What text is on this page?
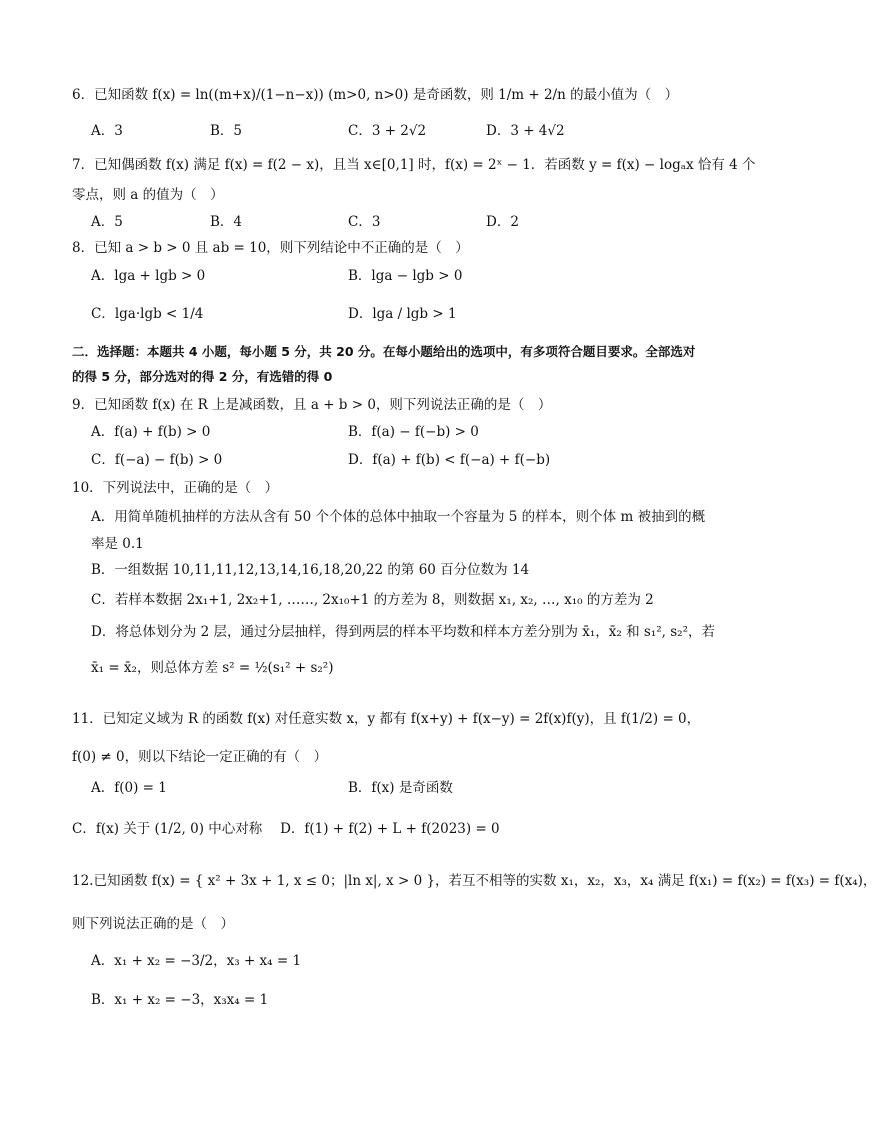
6．已知函数 f(x) = ln((m+x)/(1−n−x)) (m>0, n>0) 是奇函数，则 1/m + 2/n 的最小值为（　）
A．3	B．5	C．3 + 2√2	D．3 + 4√2
7．已知偶函数 f(x) 满足 f(x) = f(2 − x)，且当 x∈[0,1] 时，f(x) = 2ˣ − 1．若函数 y = f(x) − logₐx 恰有 4 个
零点，则 a 的值为（　）
A．5	B．4	C．3	D．2
8．已知 a > b > 0 且 ab = 10，则下列结论中不正确的是（　）
A．lga + lgb > 0	B．lga − lgb > 0
C．lga·lgb < 1/4	D．lga / lgb > 1
二．选择题：本题共 4 小题，每小题 5 分，共 20 分。在每小题给出的选项中，有多项符合题目要求。全部选对
的得 5 分，部分选对的得 2 分，有选错的得 0
9．已知函数 f(x) 在 R 上是减函数，且 a + b > 0，则下列说法正确的是（　）
A．f(a) + f(b) > 0	B．f(a) − f(−b) > 0
C．f(−a) − f(b) > 0	D．f(a) + f(b) < f(−a) + f(−b)
10．下列说法中，正确的是（　）
A．用简单随机抽样的方法从含有 50 个个体的总体中抽取一个容量为 5 的样本，则个体 m 被抽到的概
率是 0.1
B．一组数据 10,11,11,12,13,14,16,18,20,22 的第 60 百分位数为 14
C．若样本数据 2x₁+1, 2x₂+1, ……, 2x₁₀+1 的方差为 8，则数据 x₁, x₂, …, x₁₀ 的方差为 2
D．将总体划分为 2 层，通过分层抽样，得到两层的样本平均数和样本方差分别为 x̄₁，x̄₂ 和 s₁², s₂²，若
x̄₁ = x̄₂，则总体方差 s² = ½(s₁² + s₂²)
11．已知定义域为 R 的函数 f(x) 对任意实数 x，y 都有 f(x+y) + f(x−y) = 2f(x)f(y)，且 f(1/2) = 0，
f(0) ≠ 0，则以下结论一定正确的有（　）
A．f(0) = 1	B．f(x) 是奇函数
C．f(x) 关于 (1/2, 0) 中心对称　 D．f(1) + f(2) + L + f(2023) = 0
12.已知函数 f(x) = { x² + 3x + 1, x ≤ 0；|ln x|, x > 0 }，若互不相等的实数 x₁，x₂，x₃，x₄ 满足 f(x₁) = f(x₂) = f(x₃) = f(x₄)，
则下列说法正确的是（　）
A．x₁ + x₂ = −3/2，x₃ + x₄ = 1
B．x₁ + x₂ = −3，x₃x₄ = 1
